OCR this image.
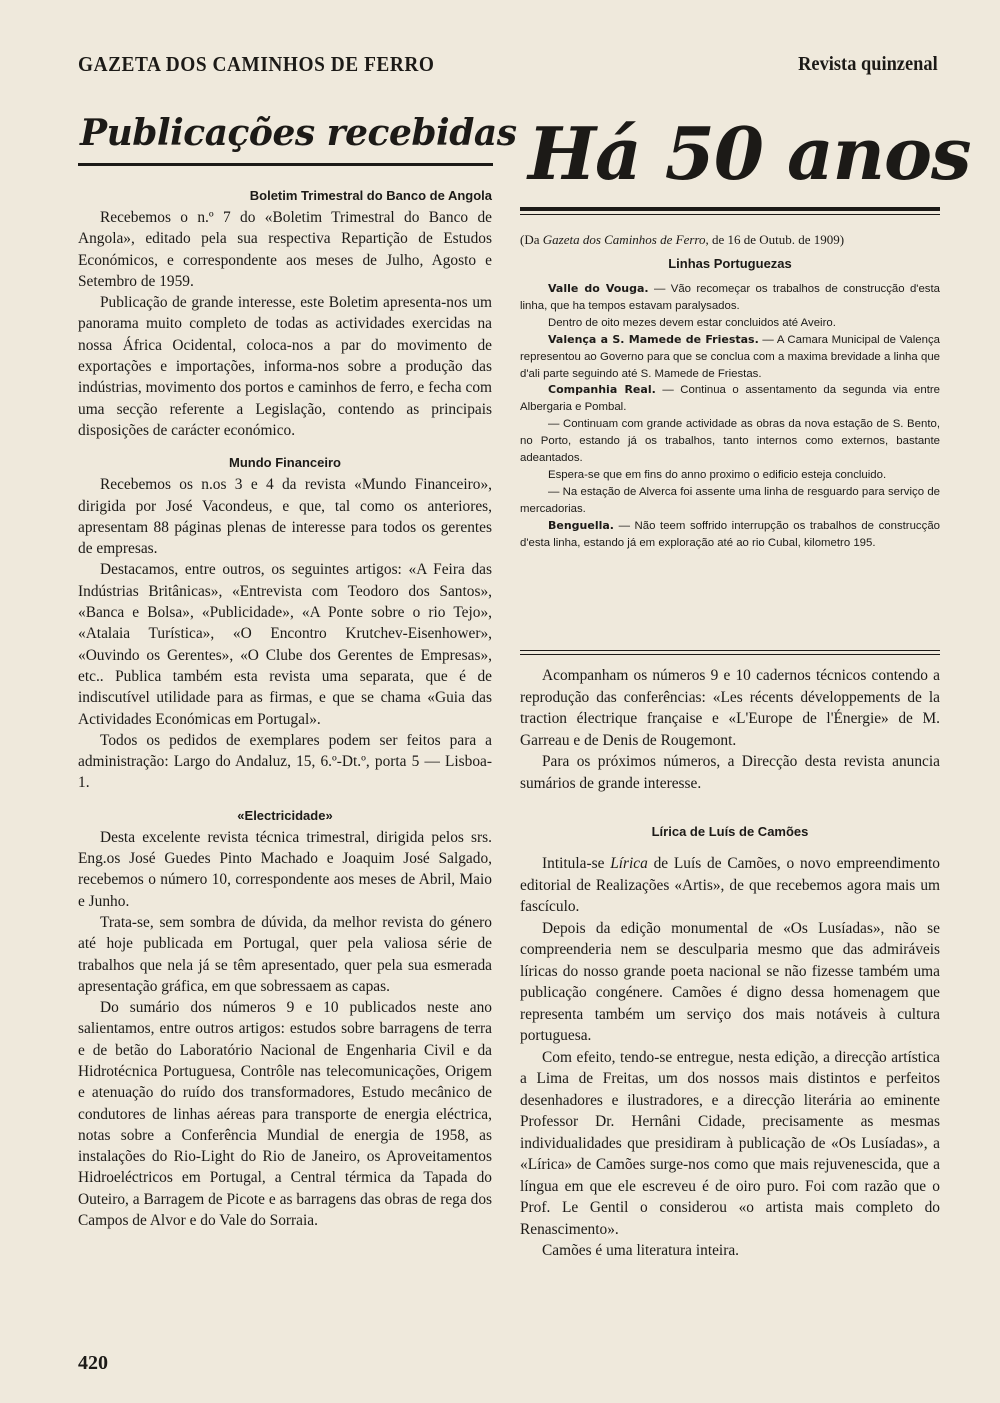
GAZETA DOS CAMINHOS DE FERRO	Revista quinzenal
Publicações recebidas Há 50 anos
Boletim Trimestral do Banco de Angola

Recebemos o n.º 7 do «Boletim Trimestral do Banco de Angola», editado pela sua respectiva Repartição de Estudos Económicos, e correspondente aos meses de Julho, Agosto e Setembro de 1959.

Publicação de grande interesse, este Boletim apresenta-nos um panorama muito completo de todas as actividades exercidas na nossa África Ocidental, coloca-nos a par do movimento de exportações e importações, informa-nos sobre a produção das indústrias, movimento dos portos e caminhos de ferro, e fecha com uma secção referente a Legislação, contendo as principais disposições de carácter económico.

Mundo Financeiro

Recebemos os n.os 3 e 4 da revista «Mundo Financeiro», dirigida por José Vacondeus, e que, tal como os anteriores, apresentam 88 páginas plenas de interesse para todos os gerentes de empresas.

Destacamos, entre outros, os seguintes artigos: «A Feira das Indústrias Britânicas», «Entrevista com Teodoro dos Santos», «Banca e Bolsa», «Publicidade», «A Ponte sobre o rio Tejo», «Atalaia Turística», «O Encontro Krutchev-Eisenhower», «Ouvindo os Gerentes», «O Clube dos Gerentes de Empresas», etc.. Publica também esta revista uma separata, que é de indiscutível utilidade para as firmas, e que se chama «Guia das Actividades Económicas em Portugal».

Todos os pedidos de exemplares podem ser feitos para a administração: Largo do Andaluz, 15, 6.º-Dt.º, porta 5 — Lisboa-1.

«Electricidade»

Desta excelente revista técnica trimestral, dirigida pelos srs. Eng.os José Guedes Pinto Machado e Joaquim José Salgado, recebemos o número 10, correspondente aos meses de Abril, Maio e Junho.

Trata-se, sem sombra de dúvida, da melhor revista do género até hoje publicada em Portugal, quer pela valiosa série de trabalhos que nela já se têm apresentado, quer pela sua esmerada apresentação gráfica, em que sobressaem as capas.

Do sumário dos números 9 e 10 publicados neste ano salientamos, entre outros artigos: estudos sobre barragens de terra e de betão do Laboratório Nacional de Engenharia Civil e da Hidrotécnica Portuguesa, Contrôle nas telecomunicações, Origem e atenuação do ruído dos transformadores, Estudo mecânico de condutores de linhas aéreas para transporte de energia eléctrica, notas sobre a Conferência Mundial de energia de 1958, as instalações do Rio-Light do Rio de Janeiro, os Aproveitamentos Hidroeléctricos em Portugal, a Central térmica da Tapada do Outeiro, a Barragem de Picote e as barragens das obras de rega dos Campos de Alvor e do Vale do Sorraia.

(Da Gazeta dos Caminhos de Ferro, de 16 de Outub. de 1909)
Linhas Portuguezas

Valle do Vouga. — Vão recomeçar os trabalhos de construcção d'esta linha, que ha tempos estavam paralysados.

Dentro de oito mezes devem estar concluidos até Aveiro.

Valença a S. Mamede de Friestas. — A Camara Municipal de Valença representou ao Governo para que se conclua com a maxima brevidade a linha que d'ali parte seguindo até S. Mamede de Friestas.

Companhia Real. — Continua o assentamento da segunda via entre Albergaria e Pombal.

— Continuam com grande actividade as obras da nova estação de S. Bento, no Porto, estando já os trabalhos, tanto internos como externos, bastante adeantados.

Espera-se que em fins do anno proximo o edificio esteja concluido.

— Na estação de Alverca foi assente uma linha de resguardo para serviço de mercadorias.

Benguella. — Não teem soffrido interrupção os trabalhos de construcção d'esta linha, estando já em exploração até ao rio Cubal, kilometro 195.

Acompanham os números 9 e 10 cadernos técnicos contendo a reprodução das conferências: «Les récents développements de la traction électrique française e «L'Europe de l'Énergie» de M. Garreau e de Denis de Rougemont.

Para os próximos números, a Direcção desta revista anuncia sumários de grande interesse.

Lírica de Luís de Camões

Intitula-se Lírica de Luís de Camões, o novo empreendimento editorial de Realizações «Artis», de que recebemos agora mais um fascículo.

Depois da edição monumental de «Os Lusíadas», não se compreenderia nem se desculparia mesmo que das admiráveis líricas do nosso grande poeta nacional se não fizesse também uma publicação congénere. Camões é digno dessa homenagem que representa também um serviço dos mais notáveis à cultura portuguesa.

Com efeito, tendo-se entregue, nesta edição, a direcção artística a Lima de Freitas, um dos nossos mais distintos e perfeitos desenhadores e ilustradores, e a direcção literária ao eminente Professor Dr. Hernâni Cidade, precisamente as mesmas individualidades que presidiram à publicação de «Os Lusíadas», a «Lírica» de Camões surge-nos como que mais rejuvenescida, que a língua em que ele escreveu é de oiro puro. Foi com razão que o Prof. Le Gentil o considerou «o artista mais completo do Renascimento».

Camões é uma literatura inteira.

420
